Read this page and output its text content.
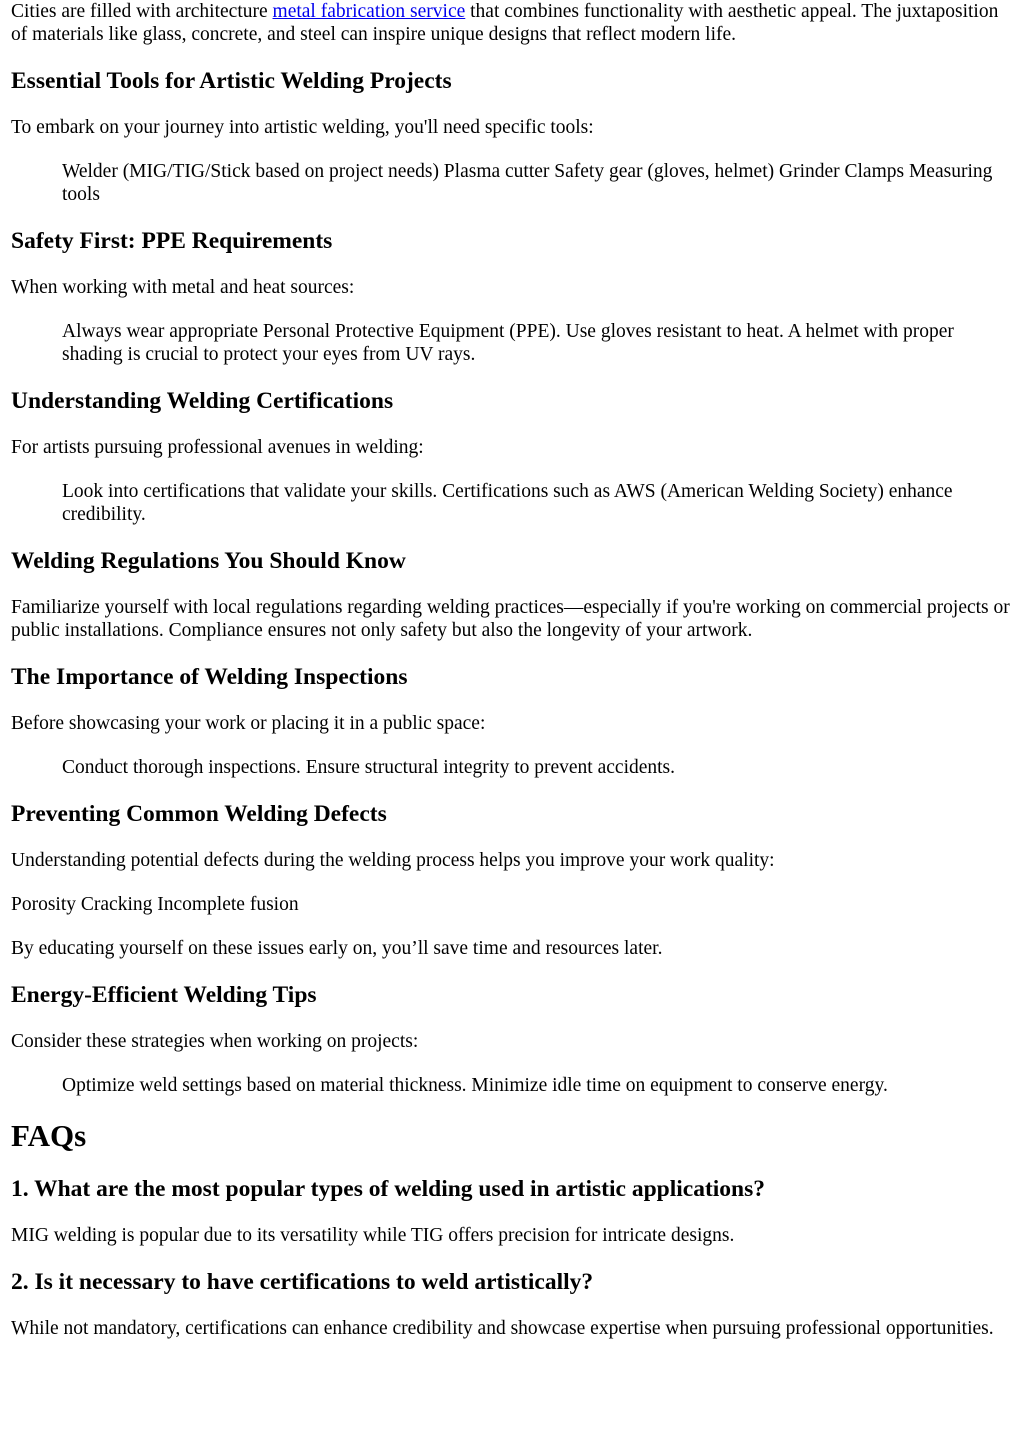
Cities are filled with architecture metal fabrication service that combines functionality with aesthetic appeal. The juxtaposition of materials like glass, concrete, and steel can inspire unique designs that reflect modern life.

Essential Tools for Artistic Welding Projects

To embark on your journey into artistic welding, you'll need specific tools:

Welder (MIG/TIG/Stick based on project needs) Plasma cutter Safety gear (gloves, helmet) Grinder Clamps Measuring tools
Safety First: PPE Requirements

When working with metal and heat sources:

Always wear appropriate Personal Protective Equipment (PPE). Use gloves resistant to heat. A helmet with proper shading is crucial to protect your eyes from UV rays.
Understanding Welding Certifications

For artists pursuing professional avenues in welding:

Look into certifications that validate your skills. Certifications such as AWS (American Welding Society) enhance credibility.
Welding Regulations You Should Know

Familiarize yourself with local regulations regarding welding practices—especially if you're working on commercial projects or public installations. Compliance ensures not only safety but also the longevity of your artwork.

The Importance of Welding Inspections

Before showcasing your work or placing it in a public space:

Conduct thorough inspections. Ensure structural integrity to prevent accidents.
Preventing Common Welding Defects

Understanding potential defects during the welding process helps you improve your work quality:

Porosity Cracking Incomplete fusion

By educating yourself on these issues early on, you’ll save time and resources later.

Energy-Efficient Welding Tips

Consider these strategies when working on projects:

Optimize weld settings based on material thickness. Minimize idle time on equipment to conserve energy.
FAQs
1. What are the most popular types of welding used in artistic applications?

MIG welding is popular due to its versatility while TIG offers precision for intricate designs.

2. Is it necessary to have certifications to weld artistically?

While not mandatory, certifications can enhance credibility and showcase expertise when pursuing professional opportunities.
